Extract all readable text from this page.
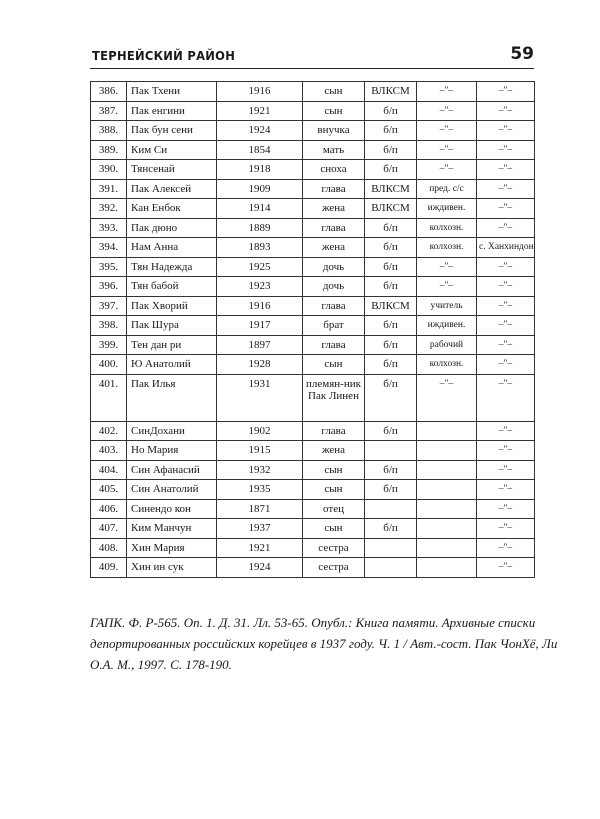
ТЕРНЕЙСКИЙ РАЙОН	59
386.	Пак Тхени	1916	сын	ВЛКСМ	–"–	–"–
387.	Пак енгини	1921	сын	б/п	–"–	–"–
388.	Пак бун сени	1924	внучка	б/п	–"–	–"–
389.	Ким Си	1854	мать	б/п	–"–	–"–
390.	Тянсенай	1918	сноха	б/п	–"–	–"–
391.	Пак Алексей	1909	глава	ВЛКСМ	пред. с/с	–"–
392.	Кан Енбок	1914	жена	ВЛКСМ	иждивен.	–"–
393.	Пак дюно	1889	глава	б/п	колхозн.	–"–
394.	Нам Анна	1893	жена	б/п	колхозн.	с. Ханхиндон
395.	Тян Надежда	1925	дочь	б/п	–"–	–"–
396.	Тян бабой	1923	дочь	б/п	–"–	–"–
397.	Пак Хворий	1916	глава	ВЛКСМ	учитель	–"–
398.	Пак Шура	1917	брат	б/п	иждивен.	–"–
399.	Тен дан ри	1897	глава	б/п	рабочий	–"–
400.	Ю Анатолий	1928	сын	б/п	колхозн.	–"–
401.	Пак Илья	1931	племян-ник Пак Линен	б/п	–"–	–"–
402.	СинДохани	1902	глава	б/п		–"–
403.	Но Мария	1915	жена			–"–
404.	Син Афанасий	1932	сын	б/п		–"–
405.	Син Анатолий	1935	сын	б/п		–"–
406.	Синендо кон	1871	отец			–"–
407.	Ким Манчун	1937	сын	б/п		–"–
408.	Хин Мария	1921	сестра			–"–
409.	Хин ин сук	1924	сестра			–"–
ГАПК. Ф. Р-565. Оп. 1. Д. 31. Лл. 53-65. Опубл.: Книга памяти. Архивные списки депортированных российских корейцев в 1937 году. Ч. 1 / Авт.-сост. Пак ЧонХё, Ли О.А. М., 1997. С. 178-190.
